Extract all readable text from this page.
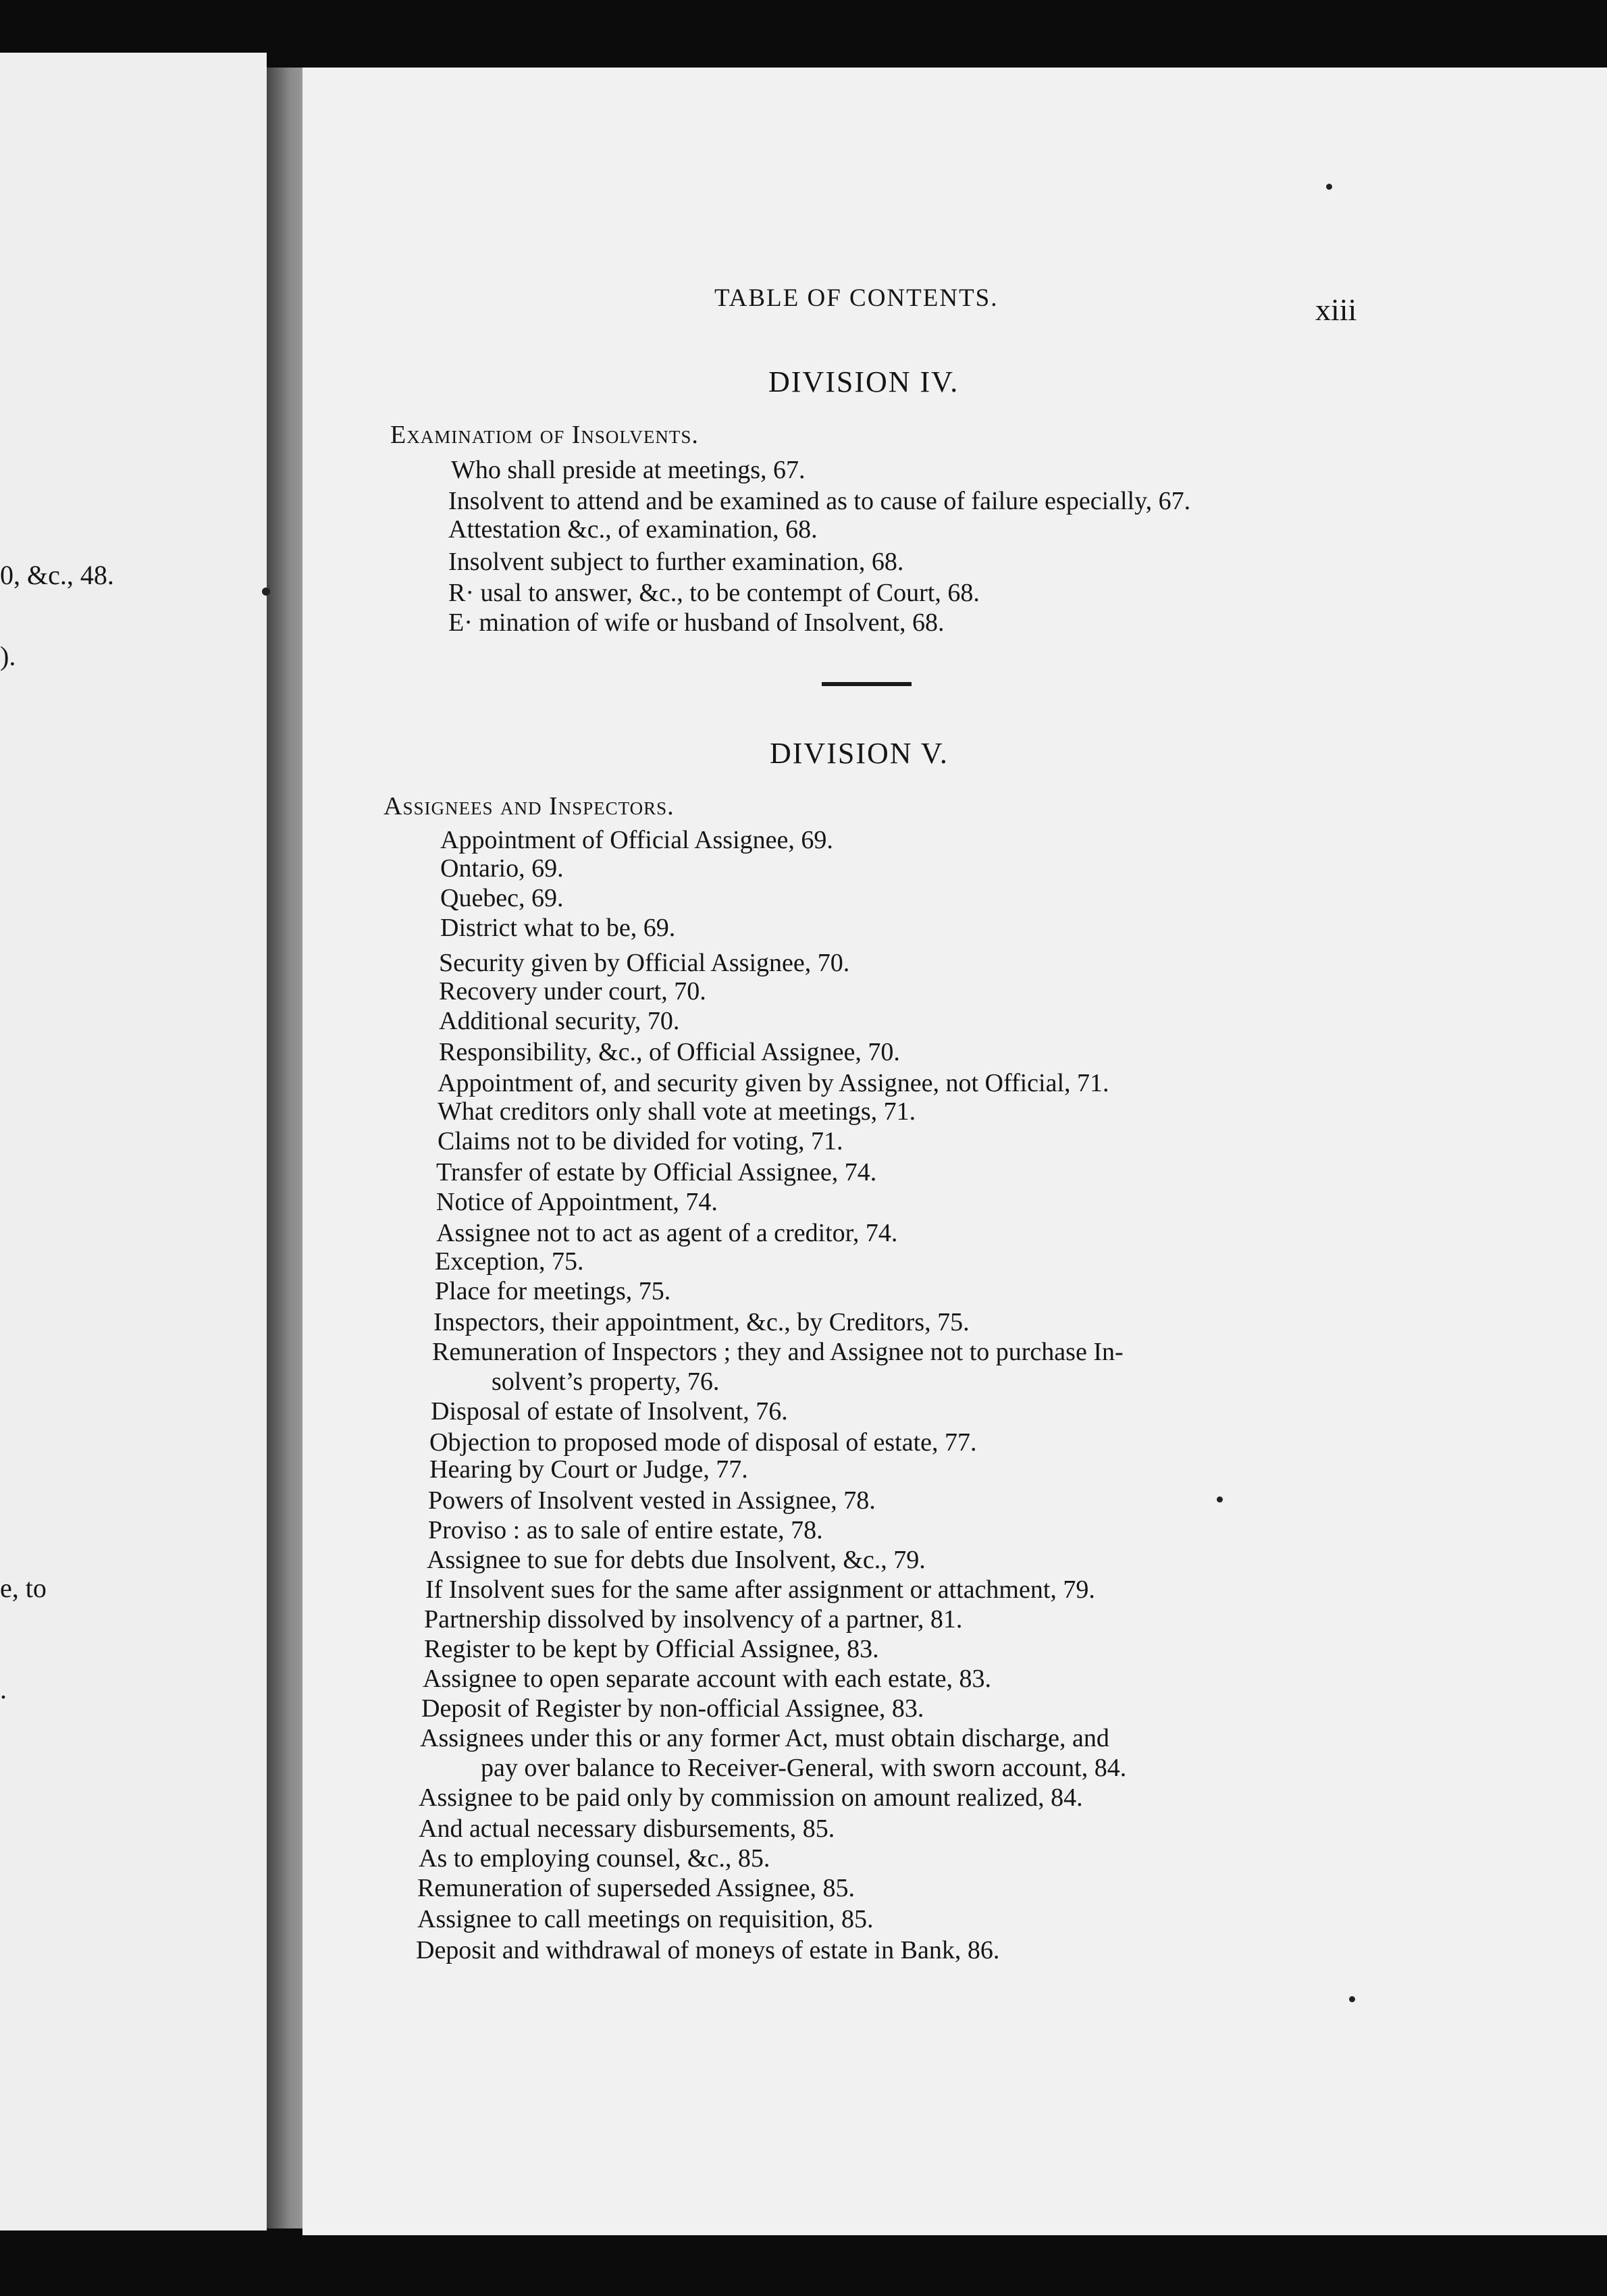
0, &c., 48.
).
e, to
.
TABLE OF CONTENTS.	xiii
DIVISION IV.
Examinatiom of Insolvents.
Who shall preside at meetings, 67.
Insolvent to attend and be examined as to cause of failure especially, 67.
Attestation &c., of examination, 68.
Insolvent subject to further examination, 68.
R· usal to answer, &c., to be contempt of Court, 68.
E· mination of wife or husband of Insolvent, 68.
DIVISION V.
Assignees and Inspectors.
Appointment of Official Assignee, 69.
Ontario, 69.
Quebec, 69.
District what to be, 69.
Security given by Official Assignee, 70.
Recovery under court, 70.
Additional security, 70.
Responsibility, &c., of Official Assignee, 70.
Appointment of, and security given by Assignee, not Official, 71.
What creditors only shall vote at meetings, 71.
Claims not to be divided for voting, 71.
Transfer of estate by Official Assignee, 74.
Notice of Appointment, 74.
Assignee not to act as agent of a creditor, 74.
Exception, 75.
Place for meetings, 75.
Inspectors, their appointment, &c., by Creditors, 75.
Remuneration of Inspectors ; they and Assignee not to purchase In-
solvent’s property, 76.
Disposal of estate of Insolvent, 76.
Objection to proposed mode of disposal of estate, 77.
Hearing by Court or Judge, 77.
Powers of Insolvent vested in Assignee, 78.
Proviso : as to sale of entire estate, 78.
Assignee to sue for debts due Insolvent, &c., 79.
If Insolvent sues for the same after assignment or attachment, 79.
Partnership dissolved by insolvency of a partner, 81.
Register to be kept by Official Assignee, 83.
Assignee to open separate account with each estate, 83.
Deposit of Register by non-official Assignee, 83.
Assignees under this or any former Act, must obtain discharge, and
pay over balance to Receiver-General, with sworn account, 84.
Assignee to be paid only by commission on amount realized, 84.
And actual necessary disbursements, 85.
As to employing counsel, &c., 85.
Remuneration of superseded Assignee, 85.
Assignee to call meetings on requisition, 85.
Deposit and withdrawal of moneys of estate in Bank, 86.
